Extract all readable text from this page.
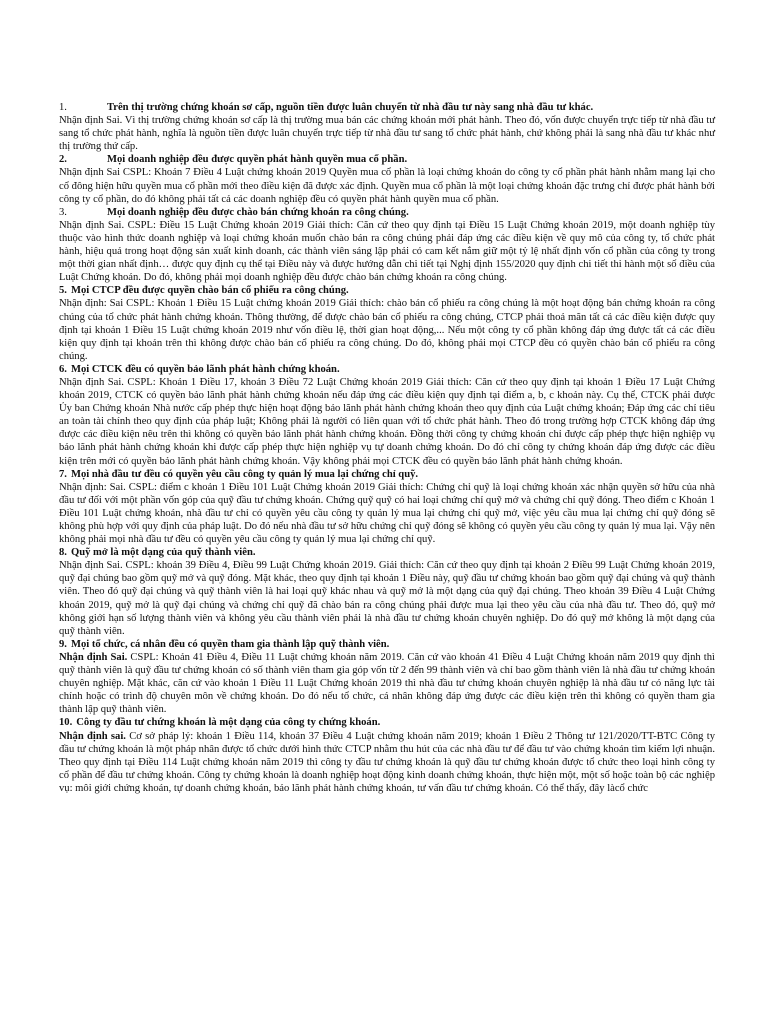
1.	Trên thị trường chứng khoán sơ cấp, nguồn tiền được luân chuyển từ nhà đầu tư này sang nhà đầu tư khác.

Nhận định Sai. Vì thị trường chứng khoán sơ cấp là thị trường mua bán các chứng khoán mới phát hành. Theo đó, vốn được chuyển trực tiếp từ nhà đầu tư sang tổ chức phát hành, nghĩa là nguồn tiền được luân chuyển trực tiếp từ nhà đầu tư sang tổ chức phát hành, chứ không phải là sang nhà đầu tư khác như thị trường thứ cấp.

2.	Mọi doanh nghiệp đều được quyền phát hành quyền mua cổ phần.

Nhận định Sai CSPL: Khoản 7 Điều 4 Luật chứng khoán 2019 Quyền mua cổ phần là loại chứng khoán do công ty cổ phần phát hành nhằm mang lại cho cổ đông hiện hữu quyền mua cổ phần mới theo điều kiện đã được xác định. Quyền mua cổ phần là một loại chứng khoán đặc trưng chỉ được phát hành bởi công ty cổ phần, do đó không phải tất cả các doanh nghiệp đều có quyền phát hành quyền mua cổ phần.

3.	Mọi doanh nghiệp đều được chào bán chứng khoán ra công chúng.

Nhận định Sai. CSPL: Điều 15 Luật Chứng khoán 2019 Giải thích: Căn cứ theo quy định tại Điều 15 Luật Chứng khoán 2019, một doanh nghiệp tùy thuộc vào hình thức doanh nghiệp và loại chứng khoán muốn chào bán ra công chúng phải đáp ứng các điều kiện về quy mô của công ty, tổ chức phát hành, hiệu quả trong hoạt động sản xuất kinh doanh, các thành viên sáng lập phải có cam kết nắm giữ một tỷ lệ nhất định vốn cổ phần của công ty trong một thời gian nhất định… được quy định cụ thể tại Điều này và được hướng dẫn chi tiết tại Nghị định 155/2020 quy định chi tiết thi hành một số điều của Luật Chứng khoán. Do đó, không phải mọi doanh nghiệp đều được chào bán chứng khoán ra công chúng.

5. Mọi CTCP đều được quyền chào bán cổ phiếu ra công chúng.

Nhận định: Sai CSPL: Khoản 1 Điều 15 Luật chứng khoán 2019 Giải thích: chào bán cổ phiếu ra công chúng là một hoạt động bán chứng khoán ra công chúng của tổ chức phát hành chứng khoán. Thông thường, để được chào bán cổ phiếu ra công chúng, CTCP phải thoả mãn tất cả các điều kiện được quy định tại khoản 1 Điều 15 Luật chứng khoán 2019 như vốn điều lệ, thời gian hoạt động,... Nếu một công ty cổ phần không đáp ứng được tất cả các điều kiện quy định tại khoản trên thì không được chào bán cổ phiếu ra công chúng. Do đó, không phải mọi CTCP đều có quyền chào bán cổ phiếu ra công chúng.

6. Mọi CTCK đều có quyền bảo lãnh phát hành chứng khoán.

Nhận định Sai. CSPL: Khoản 1 Điều 17, khoản 3 Điều 72 Luật Chứng khoán 2019 Giải thích: Căn cứ theo quy định tại khoản 1 Điều 17 Luật Chứng khoán 2019, CTCK có quyền bảo lãnh phát hành chứng khoán nếu đáp ứng các điều kiện quy định tại điểm a, b, c khoản này. Cụ thể, CTCK phải được Ủy ban Chứng khoán Nhà nước cấp phép thực hiện hoạt động bảo lãnh phát hành chứng khoán theo quy định của Luật chứng khoán; Đáp ứng các chỉ tiêu an toàn tài chính theo quy định của pháp luật; Không phải là người có liên quan với tổ chức phát hành. Theo đó trong trường hợp CTCK không đáp ứng được các điều kiện nêu trên thì không có quyền bảo lãnh phát hành chứng khoán. Đồng thời công ty chứng khoán chỉ được cấp phép thực hiện nghiệp vụ bảo lãnh phát hành chứng khoán khi được cấp phép thực hiện nghiệp vụ tự doanh chứng khoán. Do đó chỉ công ty chứng khoán đáp ứng được các điều kiện trên mới có quyền bảo lãnh phát hành chứng khoán. Vậy không phải mọi CTCK đều có quyền bảo lãnh phát hành chứng khoán.

7. Mọi nhà đầu tư đều có quyền yêu cầu công ty quản lý mua lại chứng chỉ quỹ.

Nhận định: Sai. CSPL: điểm c khoản 1 Điều 101 Luật Chứng khoán 2019 Giải thích: Chứng chỉ quỹ là loại chứng khoán xác nhận quyền sở hữu của nhà đầu tư đối với một phần vốn góp của quỹ đầu tư chứng khoán. Chứng quỹ quỹ có hai loại chứng chỉ quỹ mở và chứng chỉ quỹ đóng. Theo điểm c Khoản 1 Điều 101 Luật chứng khoán, nhà đầu tư chỉ có quyền yêu cầu công ty quản lý mua lại chứng chỉ quỹ mở, việc yêu cầu mua lại chứng chỉ quỹ đóng sẽ không phù hợp với quy định của pháp luật. Do đó nếu nhà đầu tư sở hữu chứng chỉ quỹ đóng sẽ không có quyền yêu cầu công ty quản lý mua lại. Vậy nên không phải mọi nhà đầu tư đều có quyền yêu cầu công ty quản lý mua lại chứng chỉ quỹ.

8. Quỹ mở là một dạng của quỹ thành viên.

Nhận định Sai. CSPL: khoản 39 Điều 4, Điều 99 Luật Chứng khoán 2019. Giải thích: Căn cứ theo quy định tại khoản 2 Điều 99 Luật Chứng khoán 2019, quỹ đại chúng bao gồm quỹ mở và quỹ đóng. Mặt khác, theo quy định tại khoản 1 Điều này, quỹ đầu tư chứng khoán bao gồm quỹ đại chúng và quỹ thành viên. Theo đó quỹ đại chúng và quỹ thành viên là hai loại quỹ khác nhau và quỹ mở là một dạng của quỹ đại chúng. Theo khoản 39 Điều 4 Luật Chứng khoán 2019, quỹ mở là quỹ đại chúng và chứng chỉ quỹ đã chào bán ra công chúng phải được mua lại theo yêu cầu của nhà đầu tư. Theo đó, quỹ mở không giới hạn số lượng thành viên và không yêu cầu thành viên phải là nhà đầu tư chứng khoán chuyên nghiệp. Do đó quỹ mở không là một dạng của quỹ thành viên.

9. Mọi tổ chức, cá nhân đều có quyền tham gia thành lập quỹ thành viên.

Nhận định Sai. CSPL: Khoản 41 Điều 4, Điều 11 Luật chứng khoán năm 2019. Căn cứ vào khoản 41 Điều 4 Luật Chứng khoán năm 2019 quy định thì quỹ thành viên là quỹ đầu tư chứng khoán có số thành viên tham gia góp vốn từ 2 đến 99 thành viên và chỉ bao gồm thành viên là nhà đầu tư chứng khoán chuyên nghiệp. Mặt khác, căn cứ vào khoản 1 Điều 11 Luật Chứng khoán 2019 thì nhà đầu tư chứng khoán chuyên nghiệp là nhà đầu tư có năng lực tài chính hoặc có trình độ chuyên môn về chứng khoán. Do đó nếu tổ chức, cá nhân không đáp ứng được các điều kiện trên thì không có quyền tham gia thành lập quỹ thành viên.

10. Công ty đầu tư chứng khoán là một dạng của công ty chứng khoán.

Nhận định sai. Cơ sở pháp lý: khoản 1 Điều 114, khoản 37 Điều 4 Luật chứng khoán năm 2019; khoản 1 Điều 2 Thông tư 121/2020/TT-BTC Công ty đầu tư chứng khoán là một pháp nhân được tổ chức dưới hình thức CTCP nhằm thu hút của các nhà đầu tư để đầu tư vào chứng khoán tìm kiếm lợi nhuận. Theo quy định tại Điều 114 Luật chứng khoán năm 2019 thì công ty đầu tư chứng khoán là quỹ đầu tư chứng khoán được tổ chức theo loại hình công ty cổ phần để đầu tư chứng khoán. Công ty chứng khoán là doanh nghiệp hoạt động kinh doanh chứng khoán, thực hiện một, một số hoặc toàn bộ các nghiệp vụ: môi giới chứng khoán, tự doanh chứng khoán, bảo lãnh phát hành chứng khoán, tư vấn đầu tư chứng khoán. Có thể thấy, đây làcổ chức
